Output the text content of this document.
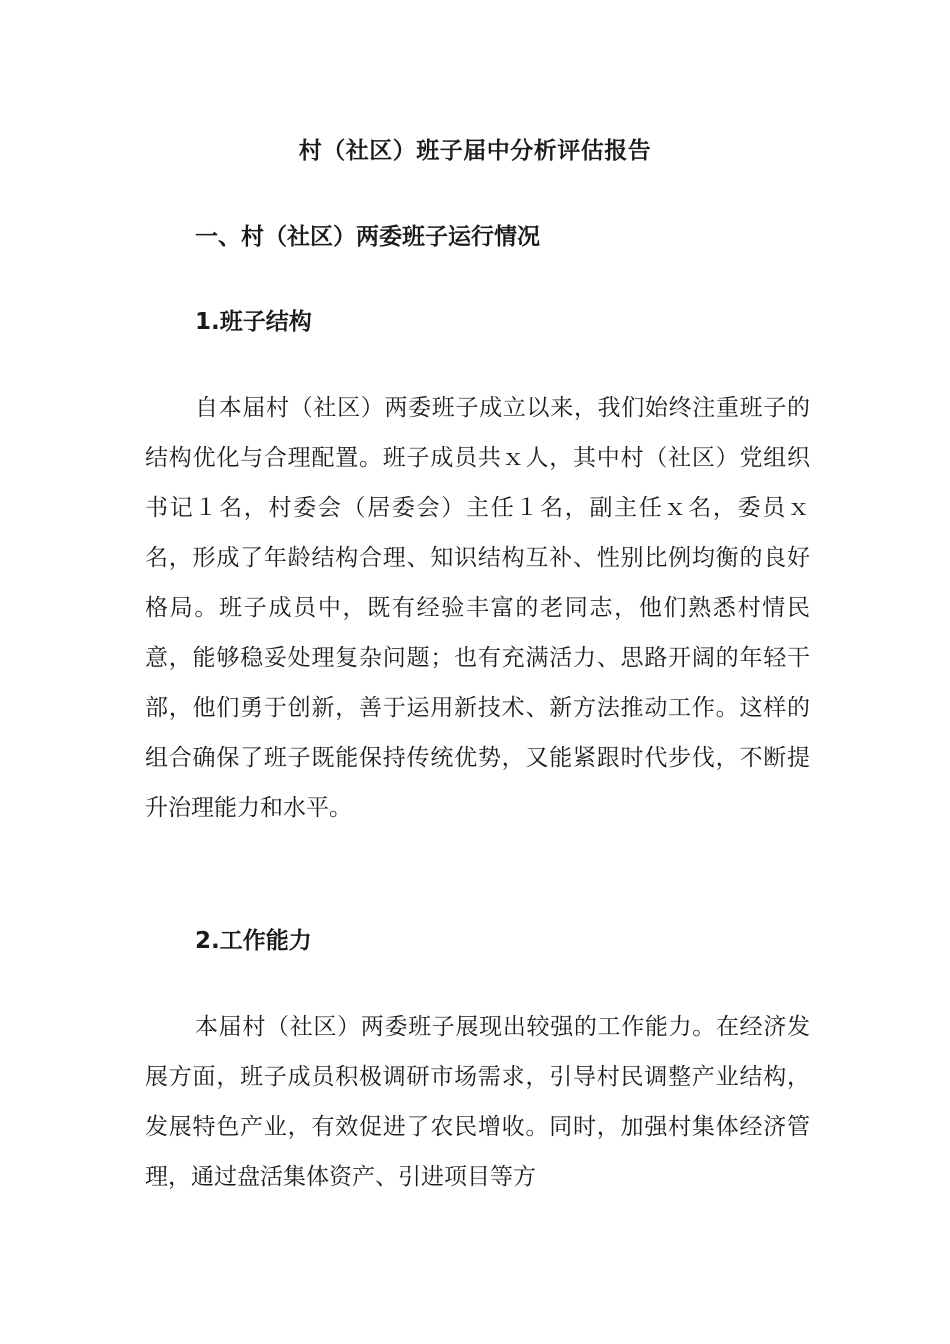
村（社区）班子届中分析评估报告
一、村（社区）两委班子运行情况
1.班子结构

自本届村（社区）两委班子成立以来，我们始终注重班子的结构优化与合理配置。班子成员共ｘ人，其中村（社区）党组织书记１名，村委会（居委会）主任１名，副主任ｘ名，委员ｘ名，形成了年龄结构合理、知识结构互补、性别比例均衡的良好格局。班子成员中，既有经验丰富的老同志，他们熟悉村情民意，能够稳妥处理复杂问题；也有充满活力、思路开阔的年轻干部，他们勇于创新，善于运用新技术、新方法推动工作。这样的组合确保了班子既能保持传统优势，又能紧跟时代步伐，不断提升治理能力和水平。

2.工作能力

本届村（社区）两委班子展现出较强的工作能力。在经济发展方面，班子成员积极调研市场需求，引导村民调整产业结构，发展特色产业，有效促进了农民增收。同时，加强村集体经济管理，通过盘活集体资产、引进项目等方
